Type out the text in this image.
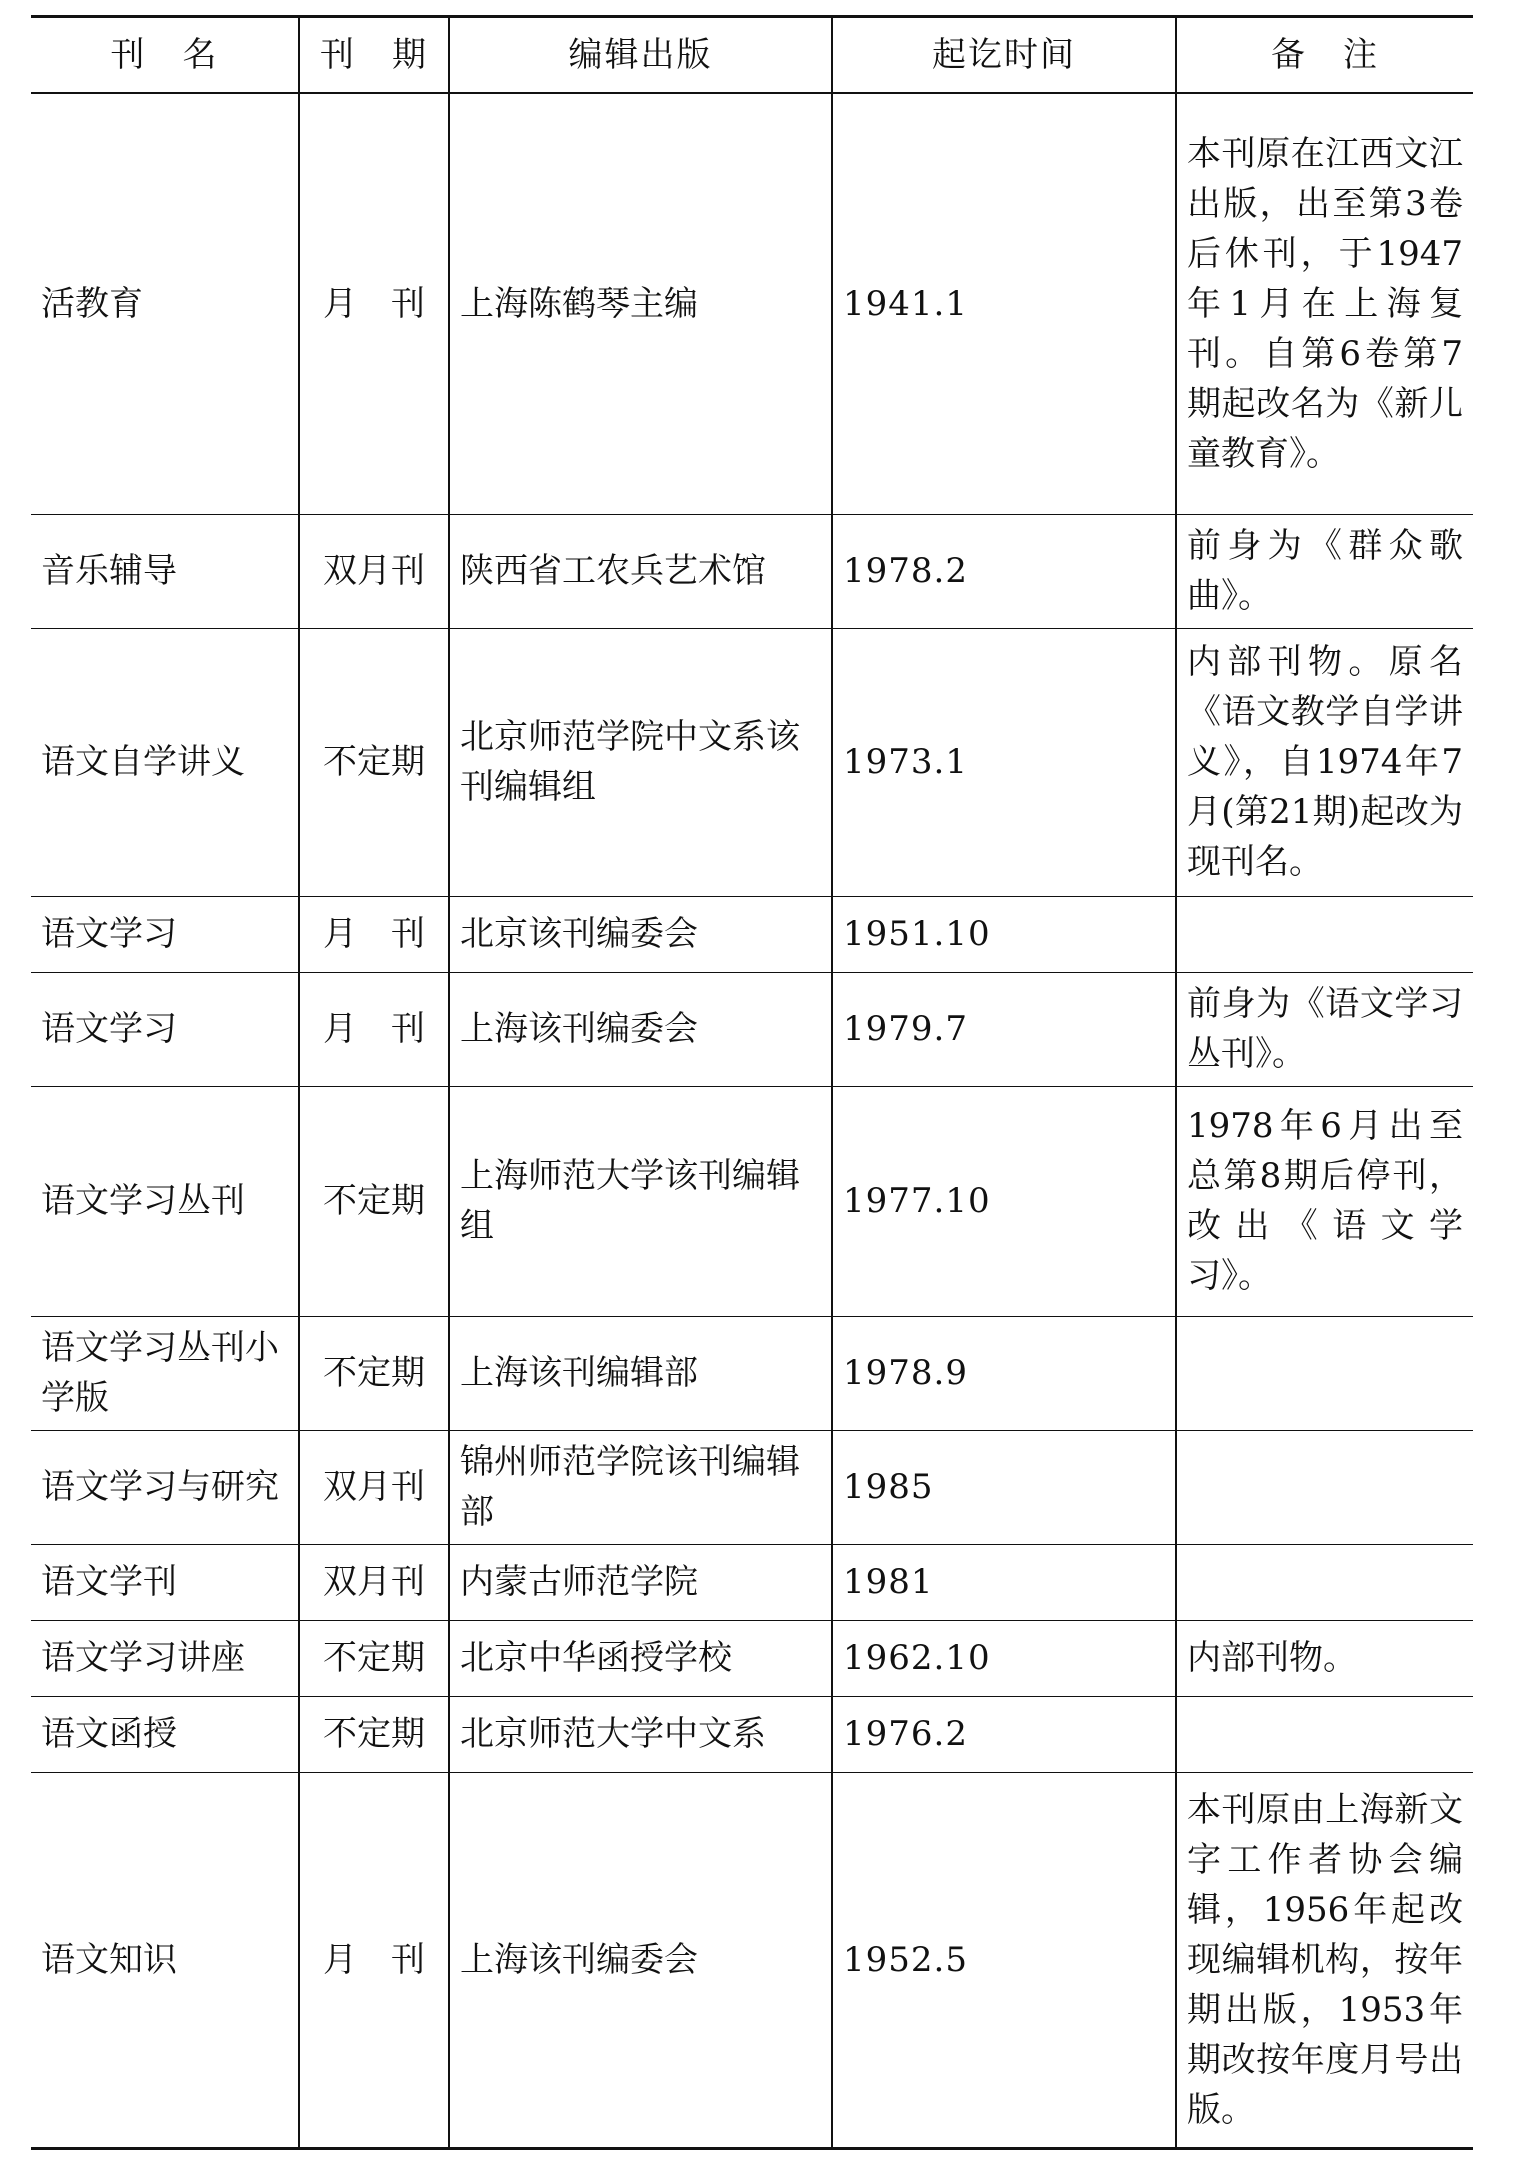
刊　名	刊　期	编辑出版	起讫时间	备　注
活教育	月　刊	上海陈鹤琴主编	1941.1	本刊原在江西文江出版，出至第3卷后休刊，于1947年1月在上海复刊。自第6卷第7期起改名为《新儿童教育》。
音乐辅导	双月刊	陕西省工农兵艺术馆	1978.2	前身为《群众歌曲》。
语文自学讲义	不定期	北京师范学院中文系该刊编辑组	1973.1	内部刊物。原名《语文教学自学讲义》，自1974年7月(第21期)起改为现刊名。
语文学习	月　刊	北京该刊编委会	1951.10	
语文学习	月　刊	上海该刊编委会	1979.7	前身为《语文学习丛刊》。
语文学习丛刊	不定期	上海师范大学该刊编辑组	1977.10	1978年6月出至总第8期后停刊，改出《语文学习》。
语文学习丛刊小学版	不定期	上海该刊编辑部	1978.9	
语文学习与研究	双月刊	锦州师范学院该刊编辑部	1985	
语文学刊	双月刊	内蒙古师范学院	1981	
语文学习讲座	不定期	北京中华函授学校	1962.10	内部刊物。
语文函授	不定期	北京师范大学中文系	1976.2	
语文知识	月　刊	上海该刊编委会	1952.5	本刊原由上海新文字工作者协会编辑，1956年起改现编辑机构，按年期出版，1953年期改按年度月号出版。
